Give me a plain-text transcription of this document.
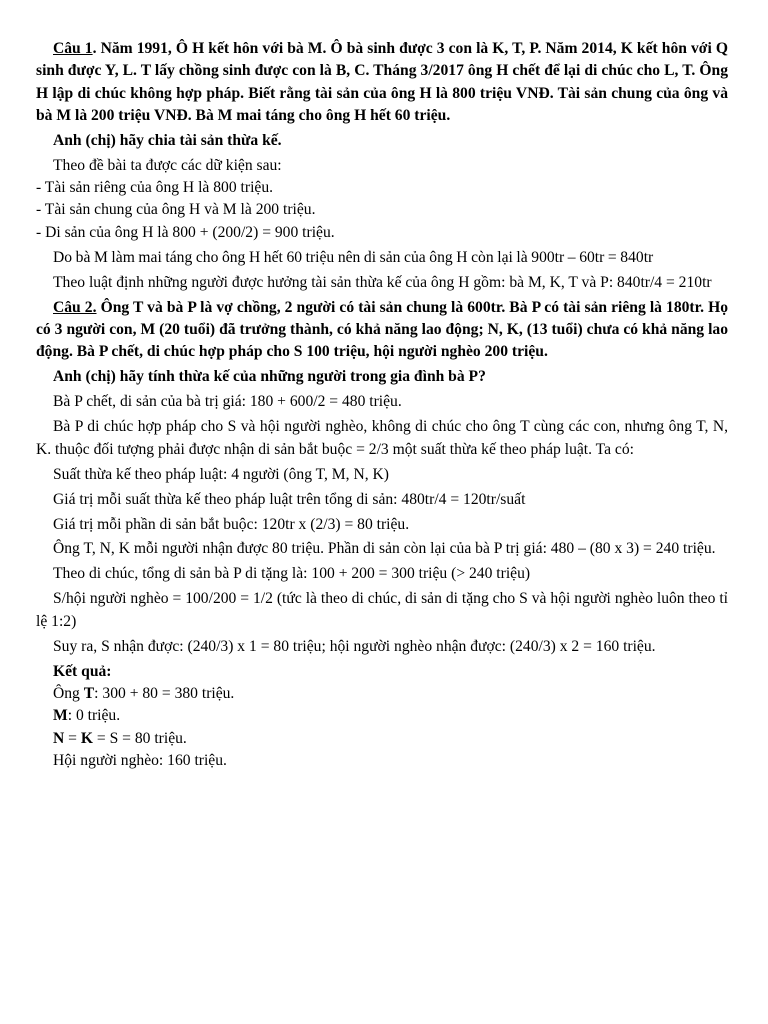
Câu 1. Năm 1991, Ô H kết hôn với bà M. Ô bà sinh được 3 con là K, T, P. Năm 2014, K kết hôn với Q sinh được Y, L. T lấy chồng sinh được con là B, C. Tháng 3/2017 ông H chết để lại di chúc cho L, T. Ông H lập di chúc không hợp pháp. Biết rằng tài sản của ông H là 800 triệu VNĐ. Tài sản chung của ông và bà M là 200 triệu VNĐ. Bà M mai táng cho ông H hết 60 triệu.

Anh (chị) hãy chia tài sản thừa kế.

Theo đề bài ta được các dữ kiện sau:

- Tài sản riêng của ông H là 800 triệu.

- Tài sản chung của ông H và M là 200 triệu.

- Di sản của ông H là 800 + (200/2) = 900 triệu.

Do bà M làm mai táng cho ông H hết 60 triệu nên di sản của ông H còn lại là 900tr – 60tr = 840tr

Theo luật định những người được hưởng tài sản thừa kế của ông H gồm: bà M, K, T và P: 840tr/4 = 210tr

Câu 2. Ông T và bà P là vợ chồng, 2 người có tài sản chung là 600tr. Bà P có tài sản riêng là 180tr. Họ có 3 người con, M (20 tuổi) đã trưởng thành, có khả năng lao động; N, K, (13 tuổi) chưa có khả năng lao động. Bà P chết, di chúc hợp pháp cho S 100 triệu, hội người nghèo 200 triệu.

Anh (chị) hãy tính thừa kế của những người trong gia đình bà P?

Bà P chết, di sản của bà trị giá: 180 + 600/2 = 480 triệu.

Bà P di chúc hợp pháp cho S và hội người nghèo, không di chúc cho ông T cùng các con, nhưng ông T, N, K. thuộc đối tượng phải được nhận di sản bắt buộc = 2/3 một suất thừa kế theo pháp luật. Ta có:

Suất thừa kế theo pháp luật: 4 người (ông T, M, N, K)

Giá trị mỗi suất thừa kế theo pháp luật trên tổng di sản: 480tr/4 = 120tr/suất

Giá trị mỗi phần di sản bắt buộc: 120tr x (2/3) = 80 triệu.

Ông T, N, K mỗi người nhận được 80 triệu. Phần di sản còn lại của bà P trị giá: 480 – (80 x 3) = 240 triệu.

Theo di chúc, tổng di sản bà P di tặng là: 100 + 200 = 300 triệu (> 240 triệu)

S/hội người nghèo = 100/200 = 1/2 (tức là theo di chúc, di sản di tặng cho S và hội người nghèo luôn theo tỉ lệ 1:2)

Suy ra, S nhận được: (240/3) x 1 = 80 triệu; hội người nghèo nhận được: (240/3) x 2 = 160 triệu.

Kết quả:

Ông T: 300 + 80 = 380 triệu.

M: 0 triệu.

N = K = S = 80 triệu.

Hội người nghèo: 160 triệu.
